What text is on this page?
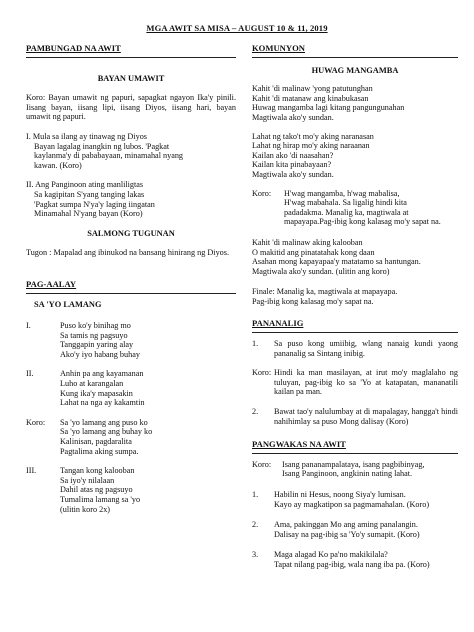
MGA AWIT SA MISA – AUGUST 10 & 11, 2019
PAMBUNGAD NA AWIT
BAYAN UMAWIT

Koro: Bayan umawit ng papuri, sapagkat ngayon Ika'y pinili. Iisang bayan, iisang lipi, iisang Diyos, iisang hari, bayan umawit ng papuri.

I. Mula sa ilang ay tinawag ng Diyos

Bayan lagalag inangkin ng lubos. 'Pagkat

kaylanma'y di pababayaan, minamahal nyang

kawan. (Koro)

II. Ang Panginoon ating manliligtas

Sa kagipitan S'yang tanging lakas

'Pagkat sumpa N'ya'y laging iingatan

Minamahal N'yang bayan (Koro)

SALMONG TUGUNAN

Tugon : Mapalad ang ibinukod na bansang hinirang ng Diyos.

PAG-AALAY
SA 'YO LAMANG
I.	Puso ko'y binihag mo

Sa tamis ng pagsuyo

Tanggapin yaring alay

Ako'y iyo habang buhay

II.	Anhin pa ang kayamanan

Luho at karangalan

Kung ika'y mapasakin

Lahat na nga ay kakamtin

Koro:	Sa 'yo lamang ang puso ko

Sa 'yo lamang ang buhay ko

Kalinisan, pagdaralita

Pagtalima aking sumpa.

III.	Tangan kong kalooban

Sa iyo'y nilalaan

Dahil atas ng pagsuyo

Tumalima lamang sa 'yo

(ulitin koro 2x)

KOMUNYON
HUWAG MANGAMBA

Kahit 'di malinaw 'yong patutunghan

Kahit 'di matanaw ang kinabukasan

Huwag mangamba lagi kitang pangungunahan

Magtiwala ako'y sundan.

Lahat ng tako't mo'y aking naranasan

Lahat ng hirap mo'y aking naraanan

Kailan ako 'di naasahan?

Kailan kita pinabayaan?

Magtiwala ako'y sundan.

Koro:	H'wag mangamba, h'wag mabalisa,

H'wag mabahala. Sa ligalig hindi kita

padadakma. Manalig ka, magtiwala at

mapayapa.Pag-ibig kong kalasag mo'y sapat na.

Kahit 'di malinaw aking kalooban

O makitid ang pinatatahak kong daan

Asahan mong kapayapaa'y matatamo sa hantungan.

Magtiwala ako'y sundan. (ulitin ang koro)

Finale: Manalig ka, magtiwala at mapayapa.

Pag-ibig kong kalasag mo'y sapat na.

PANANALIG
1.	Sa puso kong umiibig, wlang nanaig kundi yaong pananalig sa Sintang inibig.

Koro: Hindi ka man masilayan, at irut mo'y maglalaho ng tuluyan, pag-ibig ko sa 'Yo at katapatan, mananatili kailan pa man.

2.	Bawat tao'y nalulumbay at di mapalagay, hangga't hindi nahihimlay sa puso Mong dalisay (Koro)

PANGWAKAS NA AWIT
Koro:	Isang pananampalataya, isang pagbibinyag,

Isang Panginoon, angkinin nating lahat.

1.	Habilin ni Hesus, noong Siya'y lumisan.

Kayo ay magkatipon sa pagmamahalan. (Koro)

2.	Ama, pakinggan Mo ang aming panalangin.

Dalisay na pag-ibig sa 'Yo'y sumapit. (Koro)

3.	Maga alagad Ko pa'no makikilala?

Tapat nilang pag-ibig, wala nang iba pa. (Koro)
